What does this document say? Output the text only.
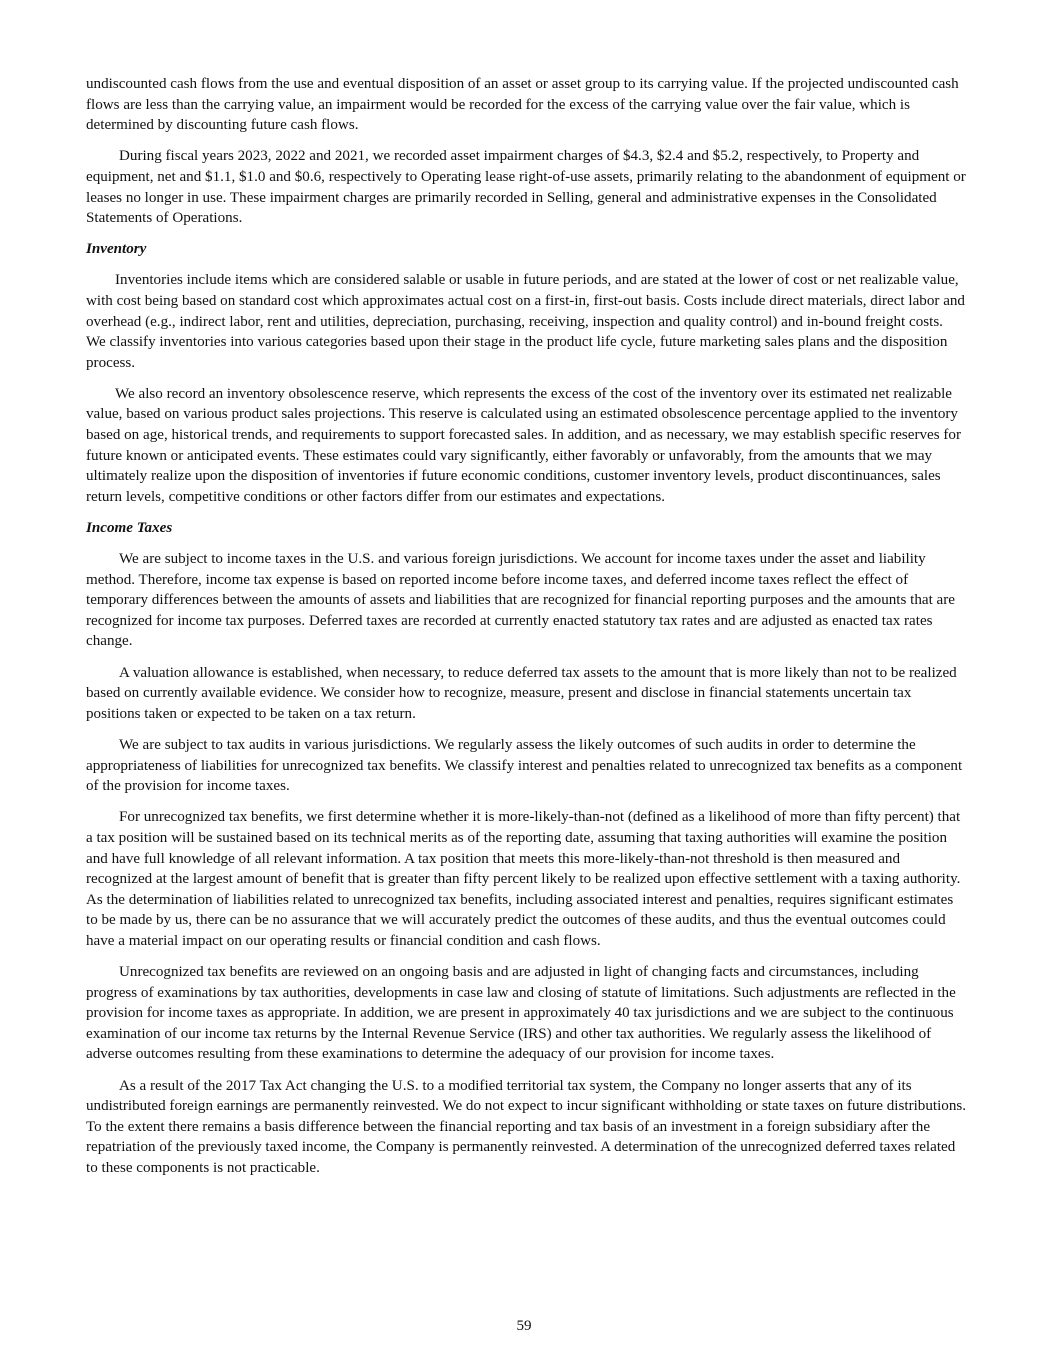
undiscounted cash flows from the use and eventual disposition of an asset or asset group to its carrying value. If the projected undiscounted cash flows are less than the carrying value, an impairment would be recorded for the excess of the carrying value over the fair value, which is determined by discounting future cash flows.

During fiscal years 2023, 2022 and 2021, we recorded asset impairment charges of $4.3, $2.4 and $5.2, respectively, to Property and equipment, net and $1.1, $1.0 and $0.6, respectively to Operating lease right-of-use assets, primarily relating to the abandonment of equipment or leases no longer in use. These impairment charges are primarily recorded in Selling, general and administrative expenses in the Consolidated Statements of Operations.

Inventory

Inventories include items which are considered salable or usable in future periods, and are stated at the lower of cost or net realizable value, with cost being based on standard cost which approximates actual cost on a first-in, first-out basis. Costs include direct materials, direct labor and overhead (e.g., indirect labor, rent and utilities, depreciation, purchasing, receiving, inspection and quality control) and in-bound freight costs. We classify inventories into various categories based upon their stage in the product life cycle, future marketing sales plans and the disposition process.

We also record an inventory obsolescence reserve, which represents the excess of the cost of the inventory over its estimated net realizable value, based on various product sales projections. This reserve is calculated using an estimated obsolescence percentage applied to the inventory based on age, historical trends, and requirements to support forecasted sales. In addition, and as necessary, we may establish specific reserves for future known or anticipated events. These estimates could vary significantly, either favorably or unfavorably, from the amounts that we may ultimately realize upon the disposition of inventories if future economic conditions, customer inventory levels, product discontinuances, sales return levels, competitive conditions or other factors differ from our estimates and expectations.

Income Taxes

We are subject to income taxes in the U.S. and various foreign jurisdictions. We account for income taxes under the asset and liability method. Therefore, income tax expense is based on reported income before income taxes, and deferred income taxes reflect the effect of temporary differences between the amounts of assets and liabilities that are recognized for financial reporting purposes and the amounts that are recognized for income tax purposes. Deferred taxes are recorded at currently enacted statutory tax rates and are adjusted as enacted tax rates change.

A valuation allowance is established, when necessary, to reduce deferred tax assets to the amount that is more likely than not to be realized based on currently available evidence. We consider how to recognize, measure, present and disclose in financial statements uncertain tax positions taken or expected to be taken on a tax return.

We are subject to tax audits in various jurisdictions. We regularly assess the likely outcomes of such audits in order to determine the appropriateness of liabilities for unrecognized tax benefits. We classify interest and penalties related to unrecognized tax benefits as a component of the provision for income taxes.

For unrecognized tax benefits, we first determine whether it is more-likely-than-not (defined as a likelihood of more than fifty percent) that a tax position will be sustained based on its technical merits as of the reporting date, assuming that taxing authorities will examine the position and have full knowledge of all relevant information. A tax position that meets this more-likely-than-not threshold is then measured and recognized at the largest amount of benefit that is greater than fifty percent likely to be realized upon effective settlement with a taxing authority. As the determination of liabilities related to unrecognized tax benefits, including associated interest and penalties, requires significant estimates to be made by us, there can be no assurance that we will accurately predict the outcomes of these audits, and thus the eventual outcomes could have a material impact on our operating results or financial condition and cash flows.

Unrecognized tax benefits are reviewed on an ongoing basis and are adjusted in light of changing facts and circumstances, including progress of examinations by tax authorities, developments in case law and closing of statute of limitations. Such adjustments are reflected in the provision for income taxes as appropriate. In addition, we are present in approximately 40 tax jurisdictions and we are subject to the continuous examination of our income tax returns by the Internal Revenue Service (IRS) and other tax authorities. We regularly assess the likelihood of adverse outcomes resulting from these examinations to determine the adequacy of our provision for income taxes.

As a result of the 2017 Tax Act changing the U.S. to a modified territorial tax system, the Company no longer asserts that any of its undistributed foreign earnings are permanently reinvested. We do not expect to incur significant withholding or state taxes on future distributions. To the extent there remains a basis difference between the financial reporting and tax basis of an investment in a foreign subsidiary after the repatriation of the previously taxed income, the Company is permanently reinvested. A determination of the unrecognized deferred taxes related to these components is not practicable.

59
